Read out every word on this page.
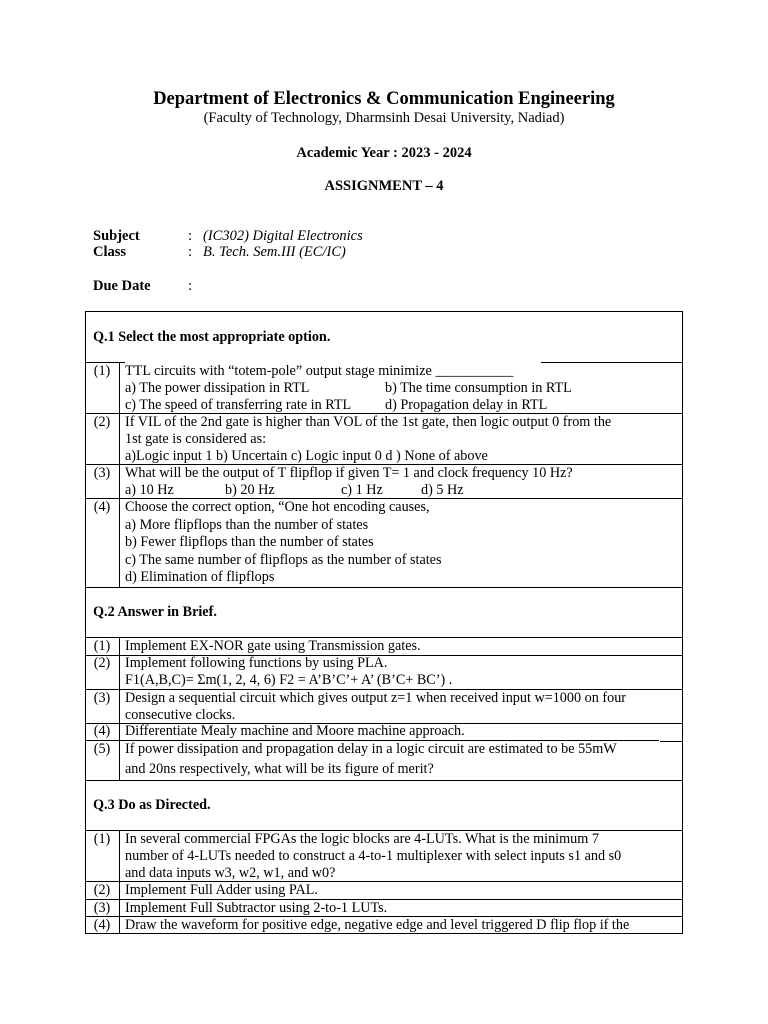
Department of Electronics & Communication Engineering
(Faculty of Technology, Dharmsinh Desai University, Nadiad)
Academic Year : 2023 - 2024
ASSIGNMENT – 4
Subject	: (IC302) Digital Electronics
Class	: B. Tech. Sem.III (EC/IC)
Due Date	:
Q.1 Select the most appropriate option.
(1)	TTL circuits with “totem-pole” output stage minimize ___________
a) The power dissipation in RTL	b) The time consumption in RTL
c) The speed of transferring rate in RTL d) Propagation delay in RTL
(2)	If VIL of the 2nd gate is higher than VOL of the 1st gate, then logic output 0 from the
1st gate is considered as:
a)Logic input 1 b) Uncertain c) Logic input 0 d ) None of above
(3)	What will be the output of T flipflop if given T= 1 and clock frequency 10 Hz?
a) 10 Hz	b) 20 Hz	c) 1 Hz	d) 5 Hz
(4)	Choose the correct option, “One hot encoding causes,
a) More flipflops than the number of states
b) Fewer flipflops than the number of states
c) The same number of flipflops as the number of states
d) Elimination of flipflops
Q.2 Answer in Brief.
(1)	Implement EX-NOR gate using Transmission gates.
(2)	Implement following functions by using PLA.
F1(A,B,C)= Σm(1, 2, 4, 6) F2 = A’B’C’+ A’ (B’C+ BC’) .
(3)	Design a sequential circuit which gives output z=1 when received input w=1000 on four
consecutive clocks.
(4)	Differentiate Mealy machine and Moore machine approach.
(5)	If power dissipation and propagation delay in a logic circuit are estimated to be 55mW
and 20ns respectively, what will be its figure of merit?
Q.3 Do as Directed.
(1)	In several commercial FPGAs the logic blocks are 4-LUTs. What is the minimum 7
number of 4-LUTs needed to construct a 4-to-1 multiplexer with select inputs s1 and s0
and data inputs w3, w2, w1, and w0?
(2)	Implement Full Adder using PAL.
(3)	Implement Full Subtractor using 2-to-1 LUTs.
(4)	Draw the waveform for positive edge, negative edge and level triggered D flip flop if the
